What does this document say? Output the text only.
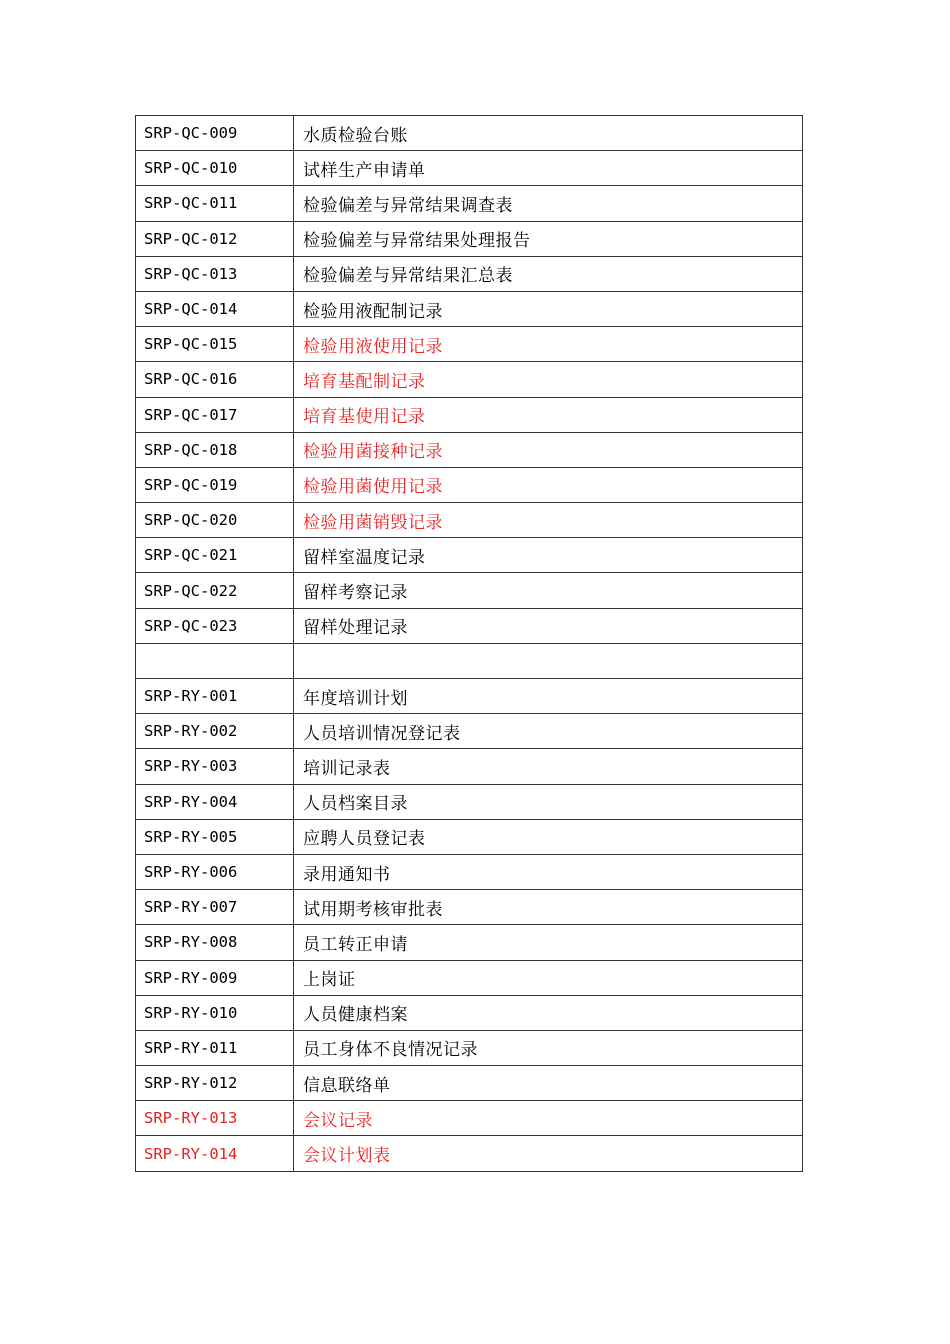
SRP-QC-009	水质检验台账
SRP-QC-010	试样生产申请单
SRP-QC-011	检验偏差与异常结果调查表
SRP-QC-012	检验偏差与异常结果处理报告
SRP-QC-013	检验偏差与异常结果汇总表
SRP-QC-014	检验用液配制记录
SRP-QC-015	检验用液使用记录
SRP-QC-016	培育基配制记录
SRP-QC-017	培育基使用记录
SRP-QC-018	检验用菌接种记录
SRP-QC-019	检验用菌使用记录
SRP-QC-020	检验用菌销毁记录
SRP-QC-021	留样室温度记录
SRP-QC-022	留样考察记录
SRP-QC-023	留样处理记录

SRP-RY-001	年度培训计划
SRP-RY-002	人员培训情况登记表
SRP-RY-003	培训记录表
SRP-RY-004	人员档案目录
SRP-RY-005	应聘人员登记表
SRP-RY-006	录用通知书
SRP-RY-007	试用期考核审批表
SRP-RY-008	员工转正申请
SRP-RY-009	上岗证
SRP-RY-010	人员健康档案
SRP-RY-011	员工身体不良情况记录
SRP-RY-012	信息联络单
SRP-RY-013	会议记录
SRP-RY-014	会议计划表
